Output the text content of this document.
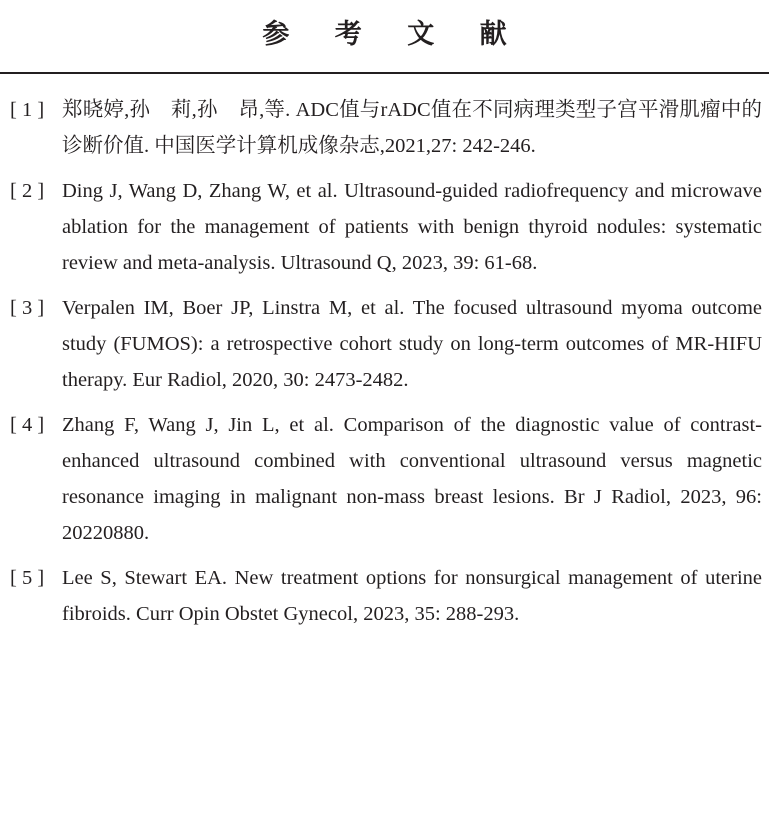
参 考 文 献
[ 1 ] 郑晓婷,孙　莉,孙　昂,等. ADC值与rADC值在不同病理类型子宫平滑肌瘤中的诊断价值. 中国医学计算机成像杂志,2021,27: 242-246.
[ 2 ] Ding J, Wang D, Zhang W, et al. Ultrasound-guided radiofrequency and microwave ablation for the management of patients with benign thyroid nodules: systematic review and meta-analysis. Ultrasound Q, 2023, 39: 61-68.
[ 3 ] Verpalen IM, Boer JP, Linstra M, et al. The focused ultrasound myoma outcome study (FUMOS): a retrospective cohort study on long-term outcomes of MR-HIFU therapy. Eur Radiol, 2020, 30: 2473-2482.
[ 4 ] Zhang F, Wang J, Jin L, et al. Comparison of the diagnostic value of contrast-enhanced ultrasound combined with conventional ultrasound versus magnetic resonance imaging in malignant non-mass breast lesions. Br J Radiol, 2023, 96: 20220880.
[ 5 ] Lee S, Stewart EA. New treatment options for nonsurgical management of uterine fibroids. Curr Opin Obstet Gynecol, 2023, 35: 288-293.
